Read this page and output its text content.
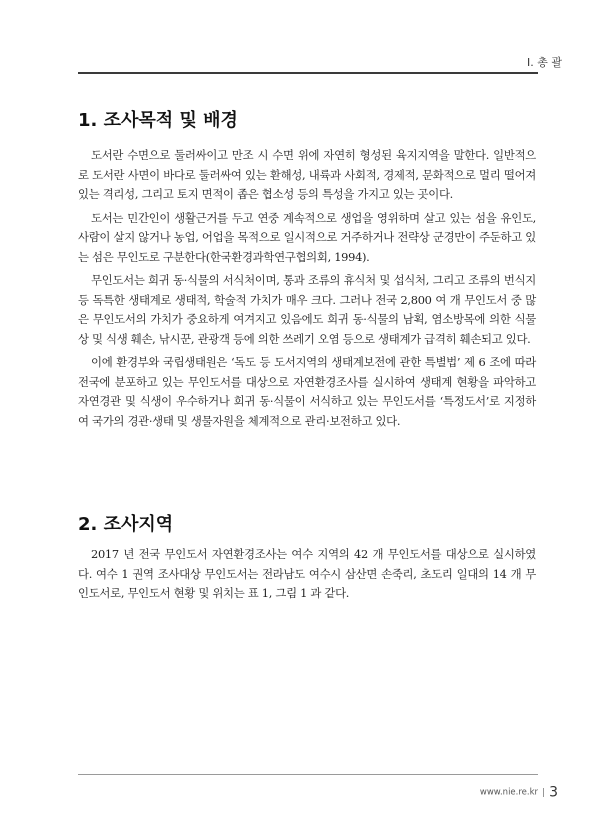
I. 총 괄
1. 조사목적 및 배경

도서란 수면으로 둘러싸이고 만조 시 수면 위에 자연히 형성된 육지지역을 말한다. 일반적으로 도서란 사면이 바다로 둘러싸여 있는 환해성, 내륙과 사회적, 경제적, 문화적으로 멀리 떨어져 있는 격리성, 그리고 토지 면적이 좁은 협소성 등의 특성을 가지고 있는 곳이다.

도서는 민간인이 생활근거를 두고 연중 계속적으로 생업을 영위하며 살고 있는 섬을 유인도, 사람이 살지 않거나 농업, 어업을 목적으로 일시적으로 거주하거나 전략상 군경만이 주둔하고 있는 섬은 무인도로 구분한다(한국환경과학연구협의회, 1994).

무인도서는 희귀 동·식물의 서식처이며, 통과 조류의 휴식처 및 섭식처, 그리고 조류의 번식지 등 독특한 생태계로 생태적, 학술적 가치가 매우 크다. 그러나 전국 2,800 여 개 무인도서 중 많은 무인도서의 가치가 중요하게 여겨지고 있음에도 희귀 동·식물의 남획, 염소방목에 의한 식물상 및 식생 훼손, 낚시꾼, 관광객 등에 의한 쓰레기 오염 등으로 생태계가 급격히 훼손되고 있다.

이에 환경부와 국립생태원은 ‘독도 등 도서지역의 생태계보전에 관한 특별법’ 제 6 조에 따라 전국에 분포하고 있는 무인도서를 대상으로 자연환경조사를 실시하여 생태계 현황을 파악하고 자연경관 및 식생이 우수하거나 희귀 동·식물이 서식하고 있는 무인도서를 ‘특정도서’로 지정하여 국가의 경관·생태 및 생물자원을 체계적으로 관리·보전하고 있다.

2. 조사지역

2017 년 전국 무인도서 자연환경조사는 여수 지역의 42 개 무인도서를 대상으로 실시하였다. 여수 1 권역 조사대상 무인도서는 전라남도 여수시 삼산면 손죽리, 초도리 일대의 14 개 무인도서로, 무인도서 현황 및 위치는 표 1, 그림 1 과 같다.

www.nie.re.kr | 3
